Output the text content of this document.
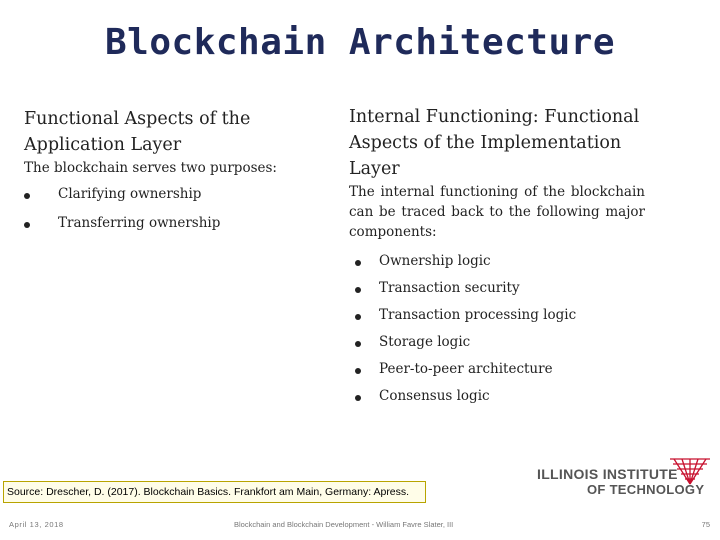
Blockchain Architecture

Functional Aspects of the
Application Layer

The blockchain serves two purposes:

Clarifying ownership
Transferring ownership

Internal Functioning: Functional
Aspects of the Implementation
Layer

The internal functioning of the blockchain can be traced back to the following major components:

Ownership logic
Transaction security
Transaction processing logic
Storage logic
Peer-to-peer architecture
Consensus logic
Source: Drescher, D. (2017). Blockchain Basics. Frankfort am Main, Germany: Apress.
ILLINOIS INSTITUTE
OF TECHNOLOGY
April 13, 2018	Blockchain and Blockchain Development - William Favre Slater, III	75
